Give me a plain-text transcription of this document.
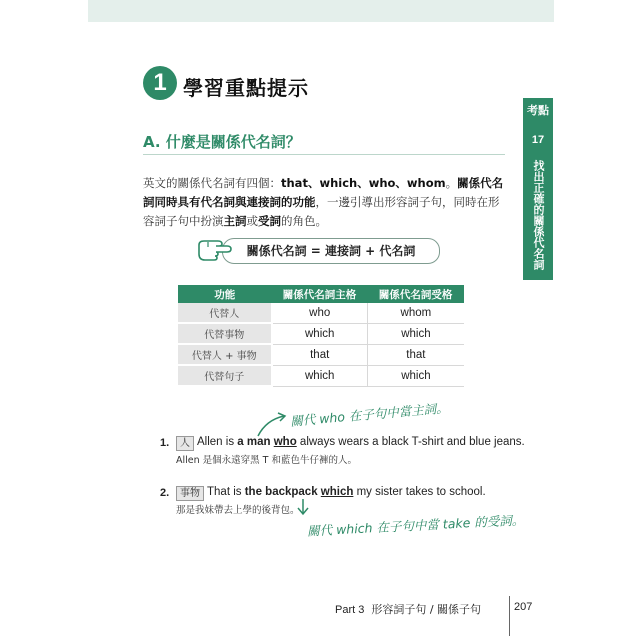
1 學習重點提示
考點
17
找出正確的關係代名詞
A. 什麼是關係代名詞？
英文的關係代名詞有四個：that、which、who、whom。關係代名詞同時具有代名詞與連接詞的功能，一邊引導出形容詞子句，同時在形容詞子句中扮演主詞或受詞的角色。
關係代名詞 = 連接詞 + 代名詞
功能	關係代名詞主格	關係代名詞受格
代替人	who	whom
代替事物	which	which
代替人 + 事物	that	that
代替句子	which	which
關代 who 在子句中當主詞。
1.	人 Allen is a man who always wears a black T-shirt and blue jeans.
Allen 是個永遠穿黑 T 和藍色牛仔褲的人。
2.	事物 That is the backpack which my sister takes to school.
那是我妹帶去上學的後背包。
關代 which 在子句中當 take 的受詞。
Part 3 形容詞子句 / 關係子句	207
